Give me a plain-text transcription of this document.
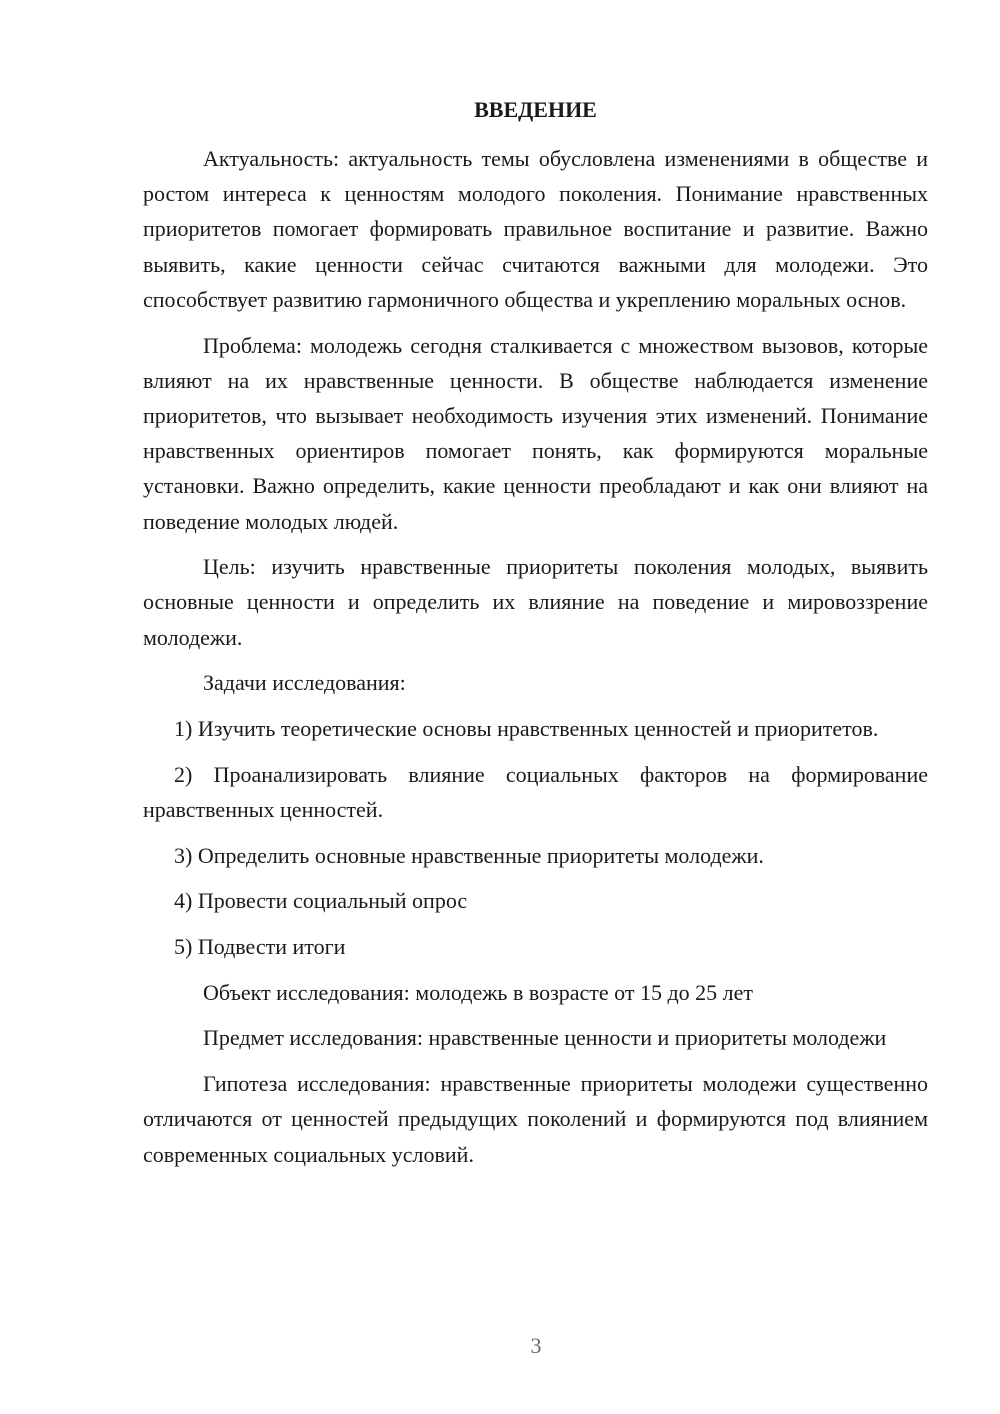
ВВЕДЕНИЕ

Актуальность: актуальность темы обусловлена изменениями в обществе и ростом интереса к ценностям молодого поколения. Понимание нравственных приоритетов помогает формировать правильное воспитание и развитие. Важно выявить, какие ценности сейчас считаются важными для молодежи. Это способствует развитию гармоничного общества и укреплению моральных основ.

Проблема: молодежь сегодня сталкивается с множеством вызовов, которые влияют на их нравственные ценности. В обществе наблюдается изменение приоритетов, что вызывает необходимость изучения этих изменений. Понимание нравственных ориентиров помогает понять, как формируются моральные установки. Важно определить, какие ценности преобладают и как они влияют на поведение молодых людей.

Цель: изучить нравственные приоритеты поколения молодых, выявить основные ценности и определить их влияние на поведение и мировоззрение молодежи.

Задачи исследования:

1) Изучить теоретические основы нравственных ценностей и приоритетов.

2) Проанализировать влияние социальных факторов на формирование нравственных ценностей.

3) Определить основные нравственные приоритеты молодежи.

4) Провести социальный опрос

5) Подвести итоги

Объект исследования: молодежь в возрасте от 15 до 25 лет

Предмет исследования: нравственные ценности и приоритеты молодежи

Гипотеза исследования: нравственные приоритеты молодежи существенно отличаются от ценностей предыдущих поколений и формируются под влиянием современных социальных условий.

3
